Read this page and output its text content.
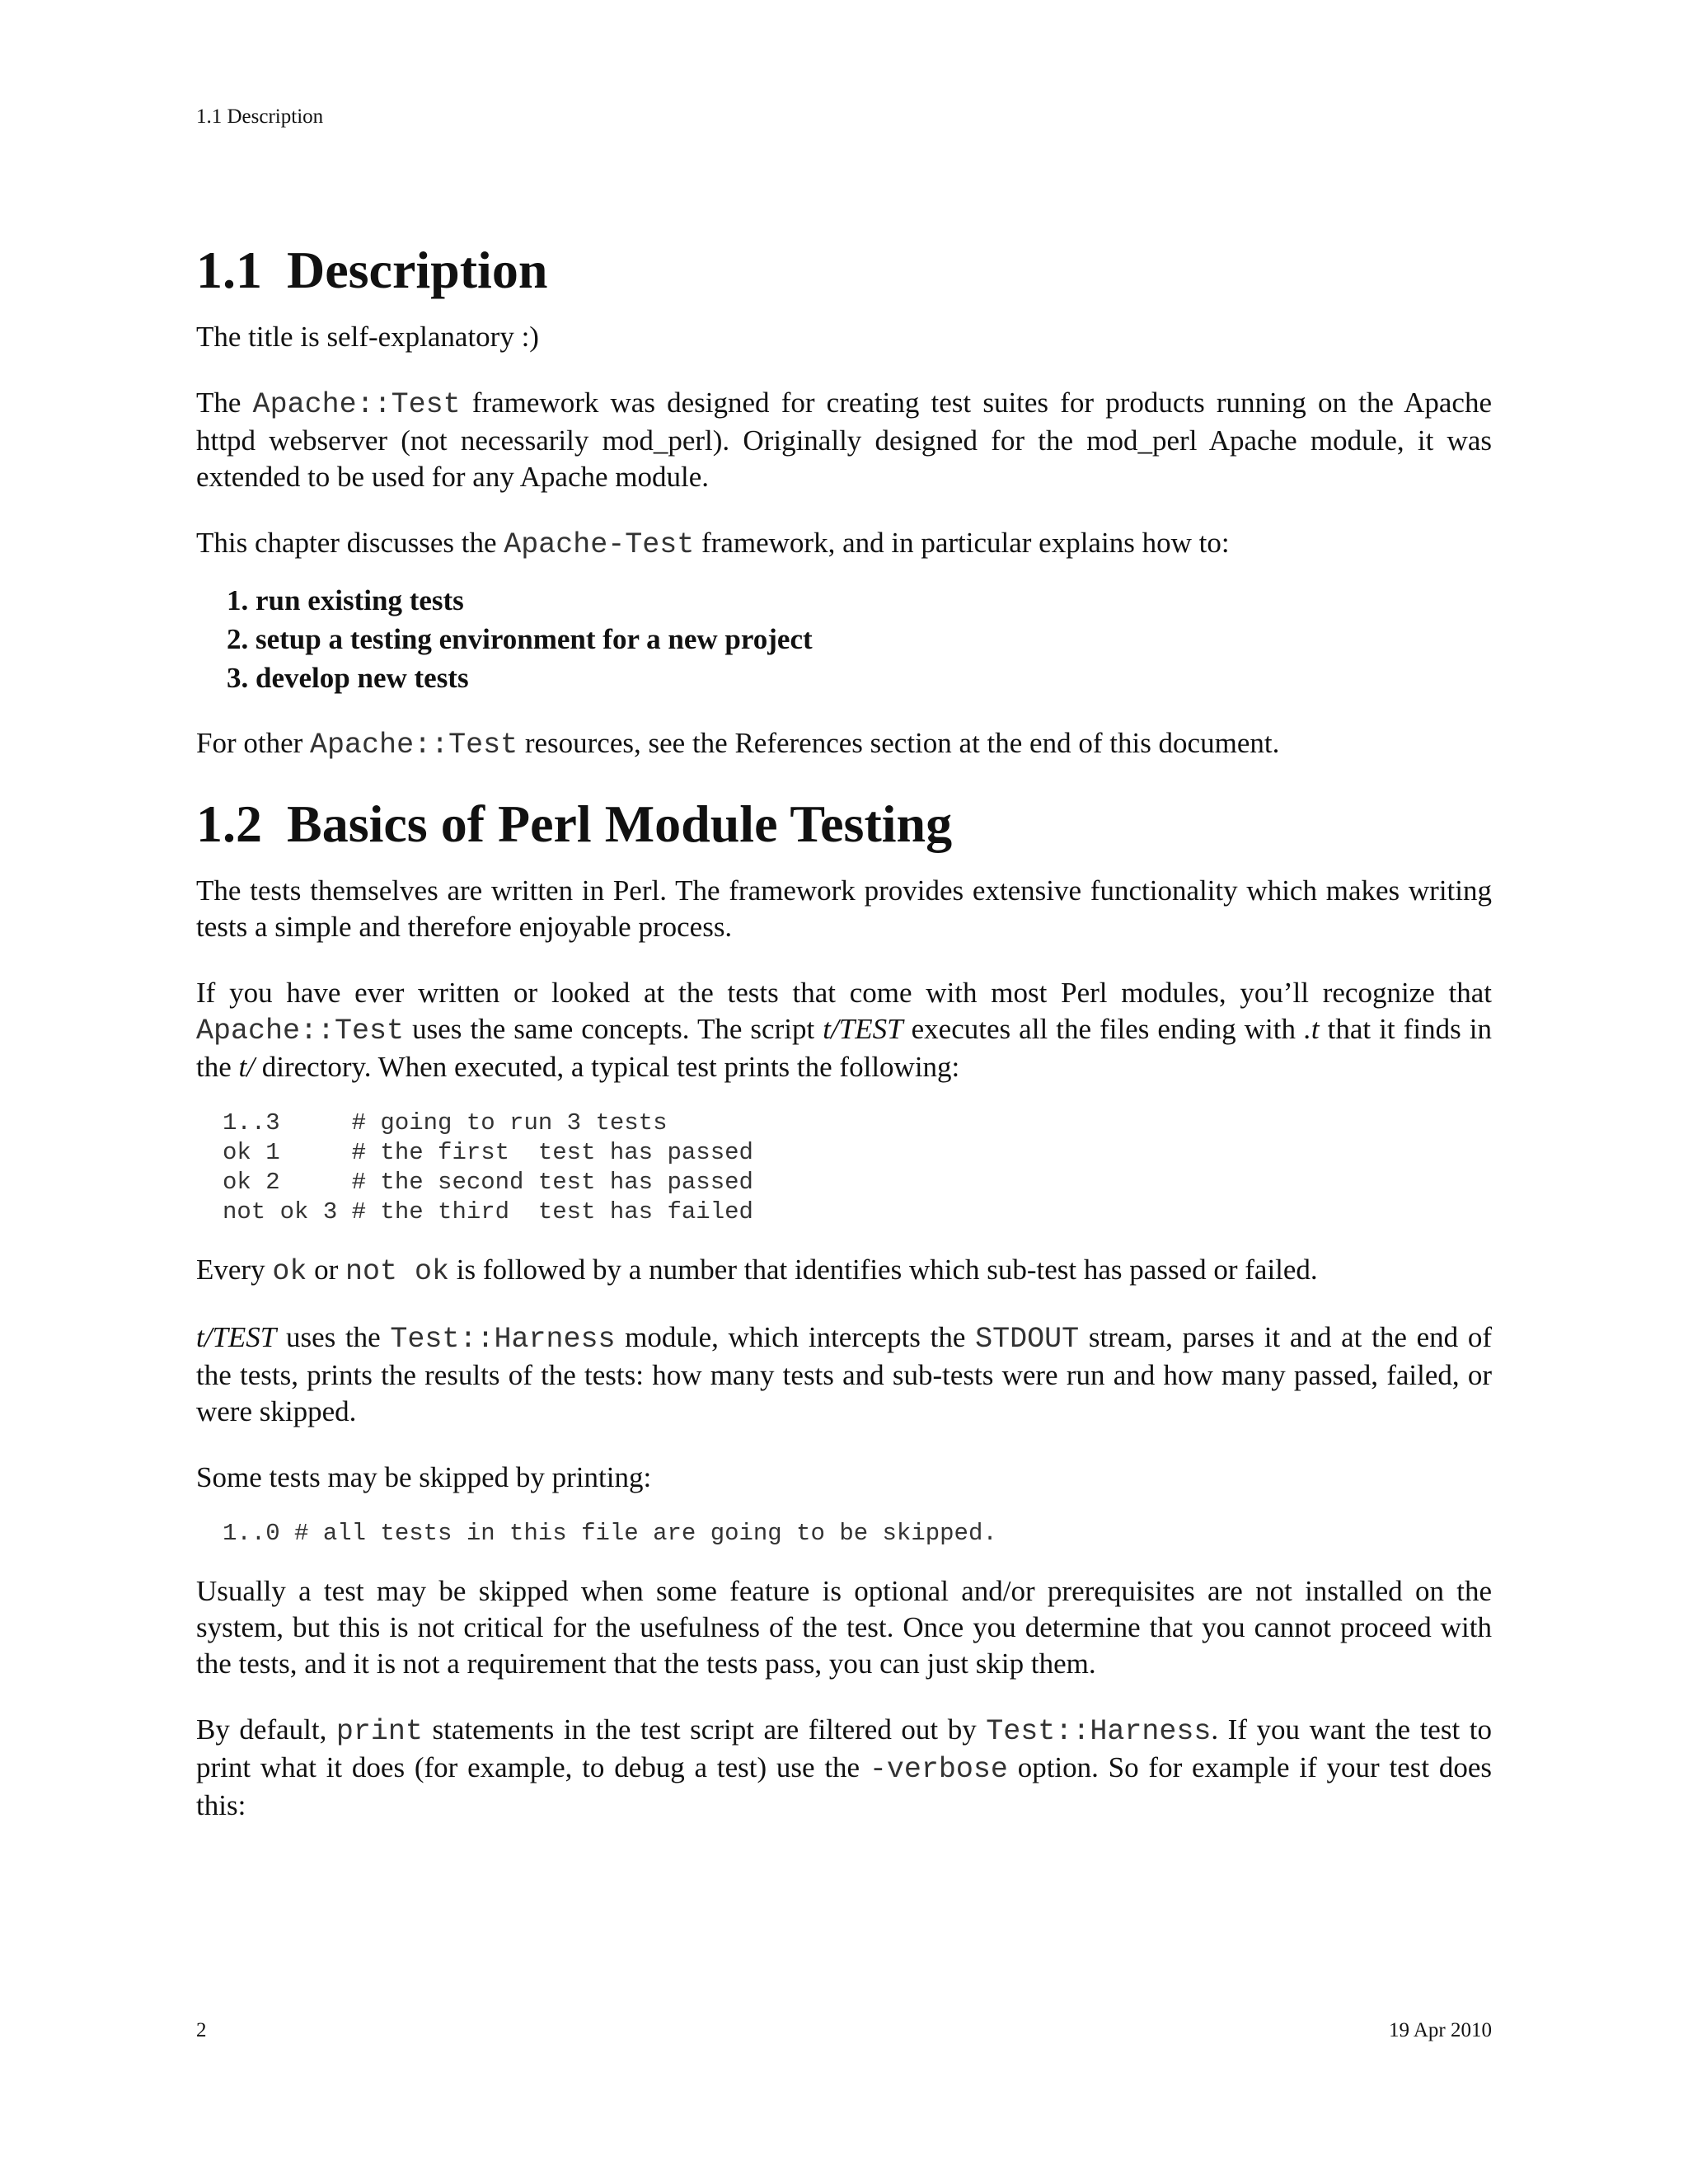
1.1 Description
1.1 Description

The title is self-explanatory :)

The Apache::Test framework was designed for creating test suites for products running on the Apache httpd webserver (not necessarily mod_perl). Originally designed for the mod_perl Apache module, it was extended to be used for any Apache module.

This chapter discusses the Apache-Test framework, and in particular explains how to:

1. run existing tests
2. setup a testing environment for a new project
3. develop new tests

For other Apache::Test resources, see the References section at the end of this document.

1.2 Basics of Perl Module Testing

The tests themselves are written in Perl. The framework provides extensive functionality which makes writing tests a simple and therefore enjoyable process.

If you have ever written or looked at the tests that come with most Perl modules, you’ll recognize that Apache::Test uses the same concepts. The script t/TEST executes all the files ending with .t that it finds in the t/ directory. When executed, a typical test prints the following:

1..3     # going to run 3 tests
ok 1     # the first  test has passed
ok 2     # the second test has passed
not ok 3 # the third  test has failed

Every ok or not ok is followed by a number that identifies which sub-test has passed or failed.

t/TEST uses the Test::Harness module, which intercepts the STDOUT stream, parses it and at the end of the tests, prints the results of the tests: how many tests and sub-tests were run and how many passed, failed, or were skipped.

Some tests may be skipped by printing:

1..0 # all tests in this file are going to be skipped.

Usually a test may be skipped when some feature is optional and/or prerequisites are not installed on the system, but this is not critical for the usefulness of the test. Once you determine that you cannot proceed with the tests, and it is not a requirement that the tests pass, you can just skip them.

By default, print statements in the test script are filtered out by Test::Harness. If you want the test to print what it does (for example, to debug a test) use the -verbose option. So for example if your test does this:

2	19 Apr 2010
